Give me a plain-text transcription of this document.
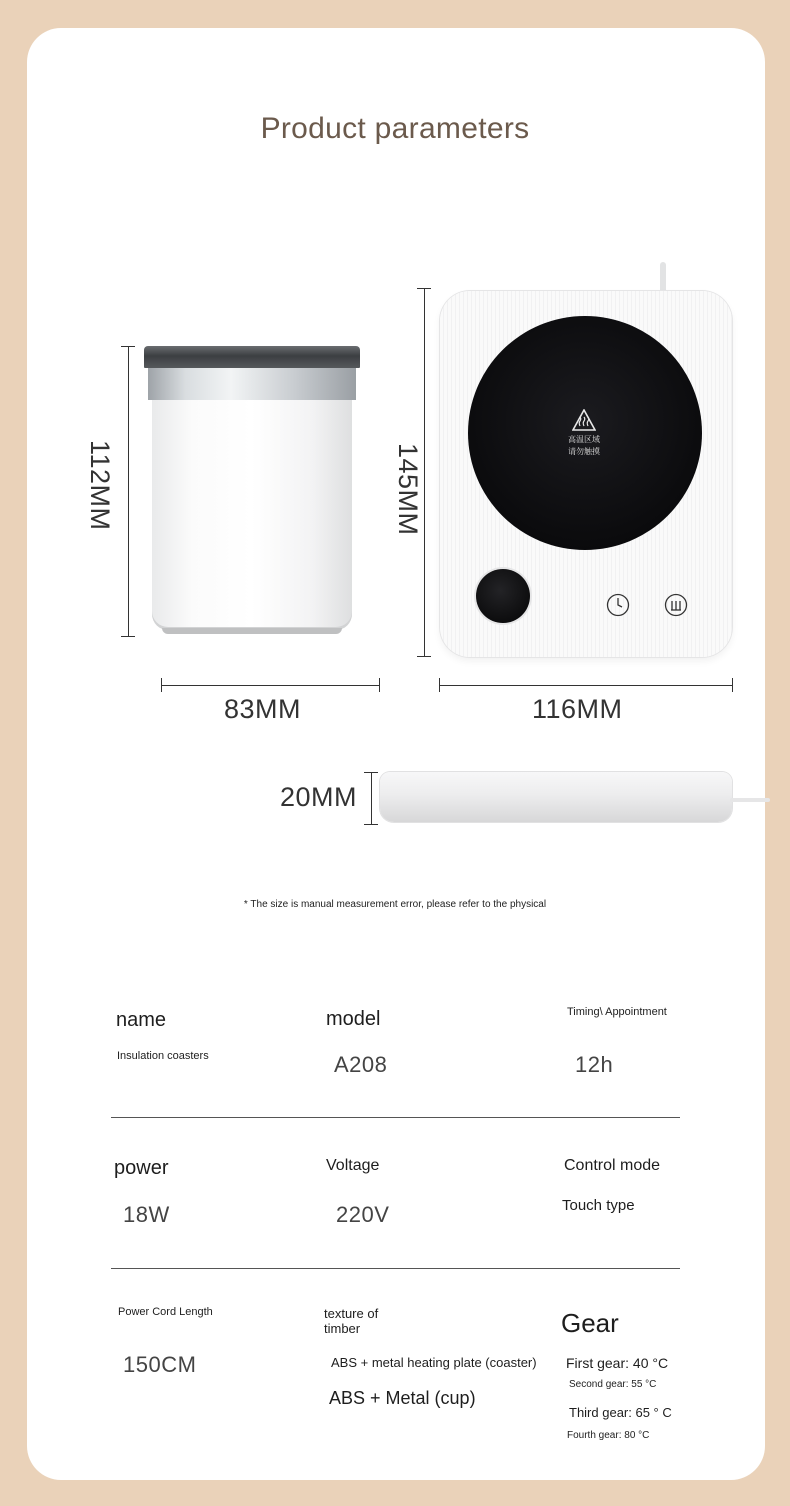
Product parameters
112MM
83MM
高温区域
请勿触摸
145MM
116MM
20MM
* The size is manual measurement error, please refer to the physical
name
Insulation coasters
model
A208
Timing\ Appointment
12h
power
18W
Voltage
220V
Control mode
Touch type
Power Cord Length
150CM
texture of
timber
ABS + metal heating plate (coaster)
ABS + Metal (cup)
Gear
First gear: 40 °C
Second gear: 55 °C
Third gear: 65 ° C
Fourth gear: 80 °C
